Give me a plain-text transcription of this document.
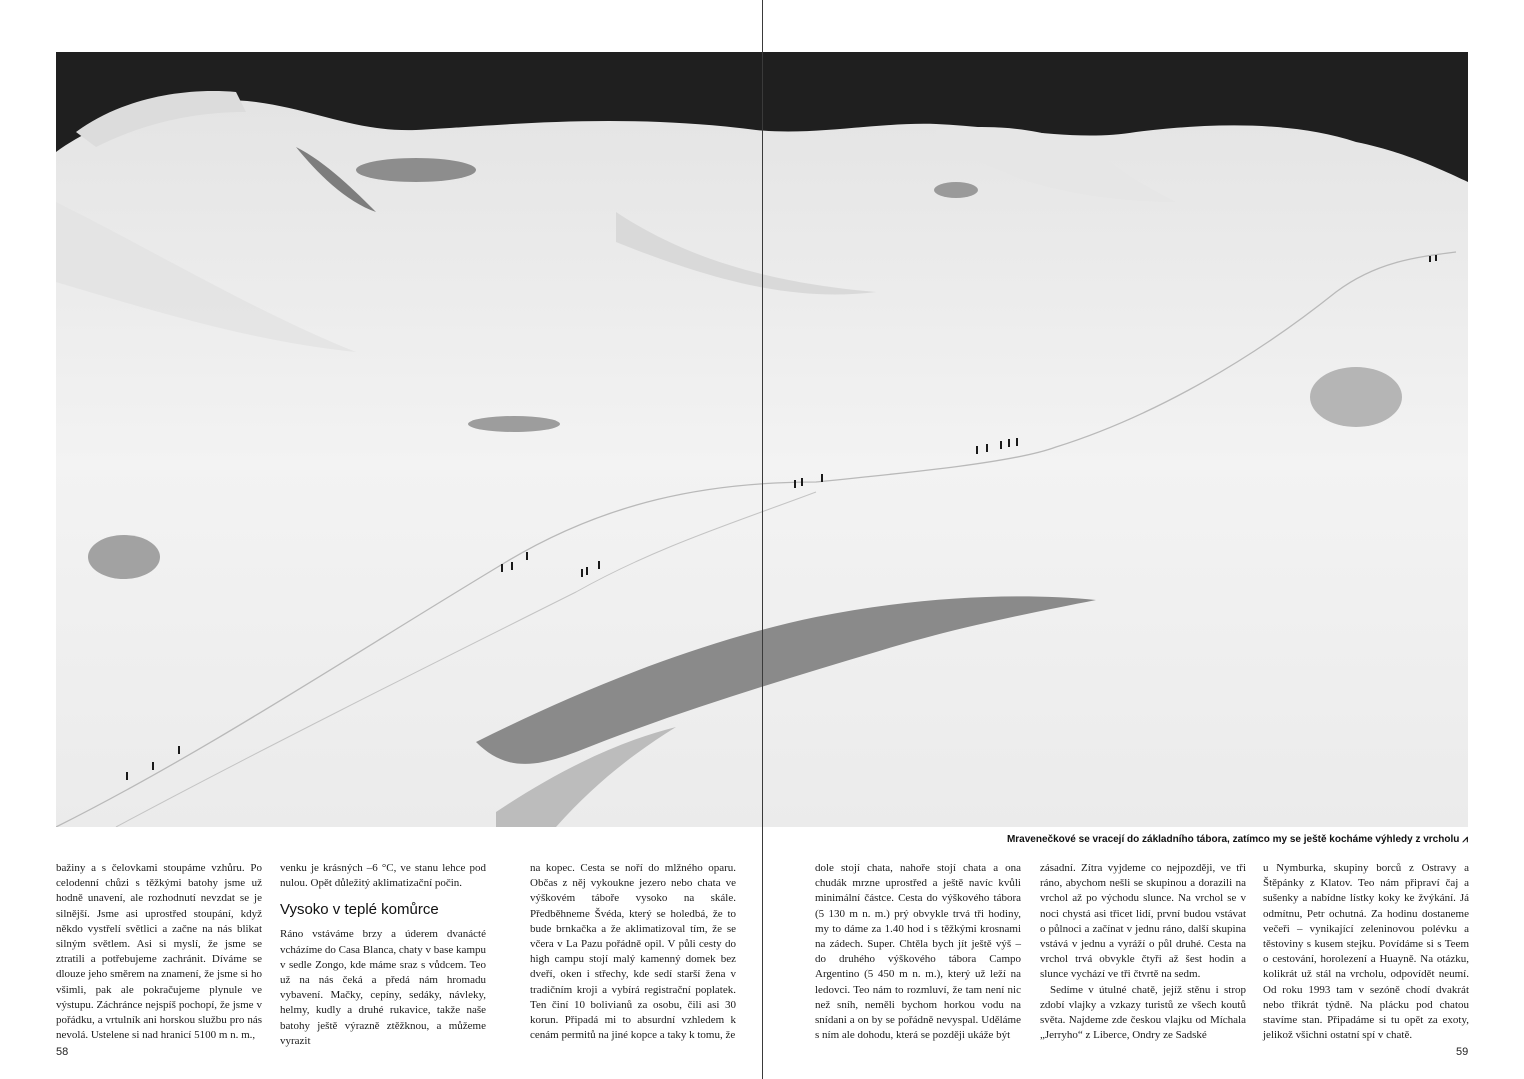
Mravenečkové se vracejí do základního tábora, zatímco my se ještě kocháme výhledy z vrcholu ⩘

bažiny a s čelovkami stoupáme vzhůru. Po celodenní chůzi s těžkými batohy jsme už hodně unavení, ale rozhodnutí nevzdat se je silnější. Jsme asi uprostřed stoupání, když někdo vystřelí světlici a začne na nás blikat silným světlem. Asi si myslí, že jsme se ztratili a potřebujeme zachránit. Díváme se dlouze jeho směrem na znamení, že jsme si ho všimli, pak ale pokračujeme plynule ve výstupu. Záchránce nejspíš pochopí, že jsme v pořádku, a vrtulník ani horskou službu pro nás nevolá. Ustelene si nad hranicí 5100 m n. m.,

venku je krásných –6 °C, ve stanu lehce pod nulou. Opět důležitý aklimatizační počin.

Vysoko v teplé komůrce

Ráno vstáváme brzy a úderem dvanácté vcházíme do Casa Blanca, chaty v base kampu v sedle Zongo, kde máme sraz s vůdcem. Teo už na nás čeká a předá nám hromadu vybavení. Mačky, cepíny, sedáky, návleky, helmy, kudly a druhé rukavice, takže naše batohy ještě výrazně ztěžknou, a můžeme vyrazit

na kopec. Cesta se noří do mlžného oparu. Občas z něj vykoukne jezero nebo chata ve výškovém táboře vysoko na skále. Předběhneme Švéda, který se holedbá, že to bude brnkačka a že aklimatizoval tím, že se včera v La Pazu pořádně opil. V půli cesty do high campu stojí malý kamenný domek bez dveří, oken i střechy, kde sedí starší žena v tradičním kroji a vybírá registrační poplatek. Ten činí 10 bolivianů za osobu, čili asi 30 korun. Připadá mi to absurdní vzhledem k cenám permitů na jiné kopce a taky k tomu, že

dole stojí chata, nahoře stojí chata a ona chudák mrzne uprostřed a ještě navíc kvůli minimální částce. Cesta do výškového tábora (5 130 m n. m.) prý obvykle trvá tři hodiny, my to dáme za 1.40 hod i s těžkými krosnami na zádech. Super. Chtěla bych jít ještě výš – do druhého výškového tábora Campo Argentino (5 450 m n. m.), který už leží na ledovci. Teo nám to rozmluví, že tam není nic než sníh, neměli bychom horkou vodu na snídani a on by se pořádně nevyspal. Uděláme s ním ale dohodu, která se později ukáže být

zásadní. Zítra vyjdeme co nejpozději, ve tři ráno, abychom nešli se skupinou a dorazili na vrchol až po východu slunce. Na vrchol se v noci chystá asi třicet lidí, první budou vstávat o půlnoci a začínat v jednu ráno, další skupina vstává v jednu a vyráží o půl druhé. Cesta na vrchol trvá obvykle čtyři až šest hodin a slunce vychází ve tři čtvrtě na sedm.

Sedíme v útulné chatě, jejíž stěnu i strop zdobí vlajky a vzkazy turistů ze všech koutů světa. Najdeme zde českou vlajku od Míchala „Jerryho“ z Liberce, Ondry ze Sadské

u Nymburka, skupiny borců z Ostravy a Štěpánky z Klatov. Teo nám připraví čaj a sušenky a nabídne lístky koky ke žvýkání. Já odmítnu, Petr ochutná. Za hodinu dostaneme večeři – vynikající zeleninovou polévku a těstoviny s kusem stejku. Povídáme si s Teem o cestování, horolezení a Huayně. Na otázku, kolikrát už stál na vrcholu, odpovídět neumí. Od roku 1993 tam v sezóně chodí dvakrát nebo třikrát týdně. Na plácku pod chatou stavíme stan. Připadáme si tu opět za exoty, jelikož všichni ostatní spí v chatě.

58	59
